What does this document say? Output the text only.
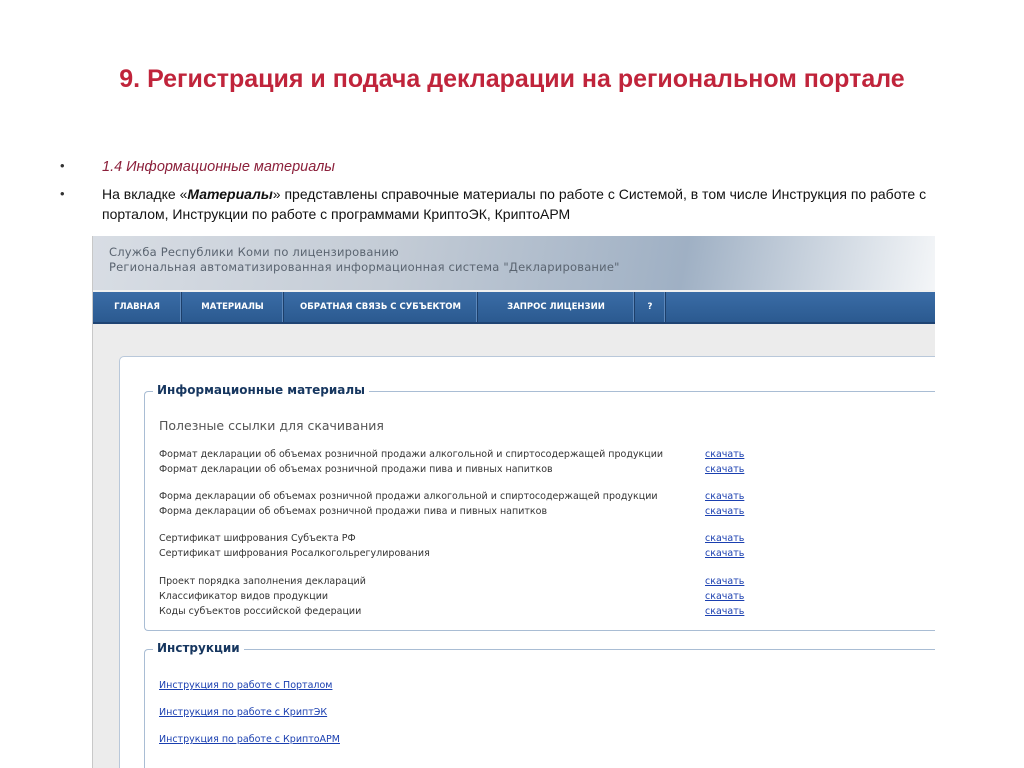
9. Регистрация и подача декларации на региональном портале
•	1.4 Информационные материалы
•	На вкладке «Материалы» представлены справочные материалы по работе с Системой, в том числе Инструкция по работе с порталом, Инструкции по работе с программами КриптоЭК, КриптоАРМ
Служба Республики Коми по лицензированию
Региональная автоматизированная информационная система "Декларирование"
ГЛАВНАЯ	МАТЕРИАЛЫ	ОБРАТНАЯ СВЯЗЬ С СУБЪЕКТОМ	ЗАПРОС ЛИЦЕНЗИИ	?
Информационные материалы
Полезные ссылки для скачивания
Формат декларации об объемах розничной продажи алкогольной и спиртосодержащей продукции	скачать
Формат декларации об объемах розничной продажи пива и пивных напитков	скачать
Форма декларации об объемах розничной продажи алкогольной и спиртосодержащей продукции	скачать
Форма декларации об объемах розничной продажи пива и пивных напитков	скачать
Сертификат шифрования Субъекта РФ	скачать
Сертификат шифрования Росалкогольрегулирования	скачать
Проект порядка заполнения деклараций	скачать
Классификатор видов продукции	скачать
Коды субъектов российской федерации	скачать
Инструкции
Инструкция по работе с Порталом
Инструкция по работе с КриптЭК
Инструкция по работе с КриптоАРМ
